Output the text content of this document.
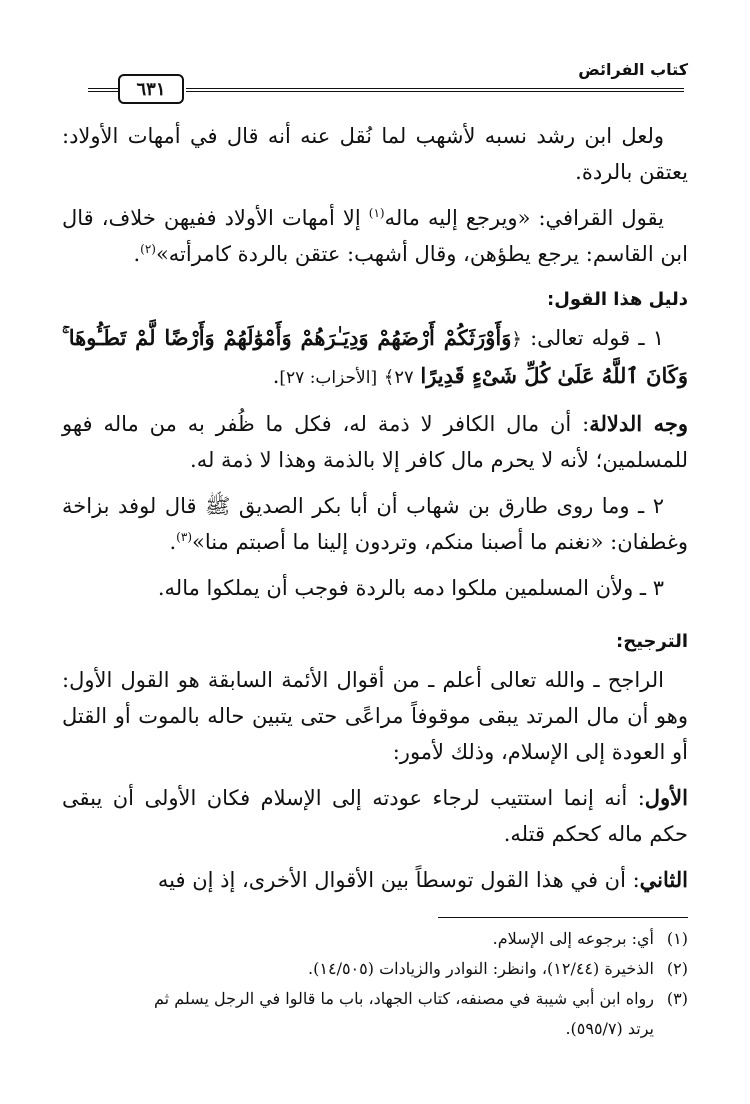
كتاب الفرائض
٦٣١

ولعل ابن رشد نسبه لأشهب لما نُقل عنه أنه قال في أمهات الأولاد: يعتقن بالردة.

يقول القرافي: «ويرجع إليه ماله$^{(١)}$ إلا أمهات الأولاد ففيهن خلاف، قال ابن القاسم: يرجع يطؤهن، وقال أشهب: عتقن بالردة كامرأته»$^{(٢)}$.

دليل هذا القول:

١ ـ قوله تعالى: ﴿وَأَوْرَثَكُمْ أَرْضَهُمْ وَدِيَـٰرَهُمْ وَأَمْوَٰلَهُمْ وَأَرْضًا لَّمْ تَطَـُٔوهَا ۚ وَكَانَ ٱللَّهُ عَلَىٰ كُلِّ شَىْءٍ قَدِيرًا ٢٧﴾ [الأحزاب: ٢٧].

وجه الدلالة: أن مال الكافر لا ذمة له، فكل ما ظُفر به من ماله فهو للمسلمين؛ لأنه لا يحرم مال كافر إلا بالذمة وهذا لا ذمة له.

٢ ـ وما روى طارق بن شهاب أن أبا بكر الصديق ﷺ قال لوفد بزاخة وغطفان: «نغنم ما أصبنا منكم، وتردون إلينا ما أصبتم منا»$^{(٣)}$.

٣ ـ ولأن المسلمين ملكوا دمه بالردة فوجب أن يملكوا ماله.

الترجيح:

الراجح ـ والله تعالى أعلم ـ من أقوال الأئمة السابقة هو القول الأول: وهو أن مال المرتد يبقى موقوفاً مراعًى حتى يتبين حاله بالموت أو القتل أو العودة إلى الإسلام، وذلك لأمور:

الأول: أنه إنما استتيب لرجاء عودته إلى الإسلام فكان الأولى أن يبقى حكم ماله كحكم قتله.

الثاني: أن في هذا القول توسطاً بين الأقوال الأخرى، إذ إن فيه

(١)أي: برجوعه إلى الإسلام.

(٢)الذخيرة (١٢/٤٤)، وانظر: النوادر والزيادات (١٤/٥٠٥).

(٣)رواه ابن أبي شيبة في مصنفه، كتاب الجهاد، باب ما قالوا في الرجل يسلم ثم

يرتد (٥٩٥/٧).
